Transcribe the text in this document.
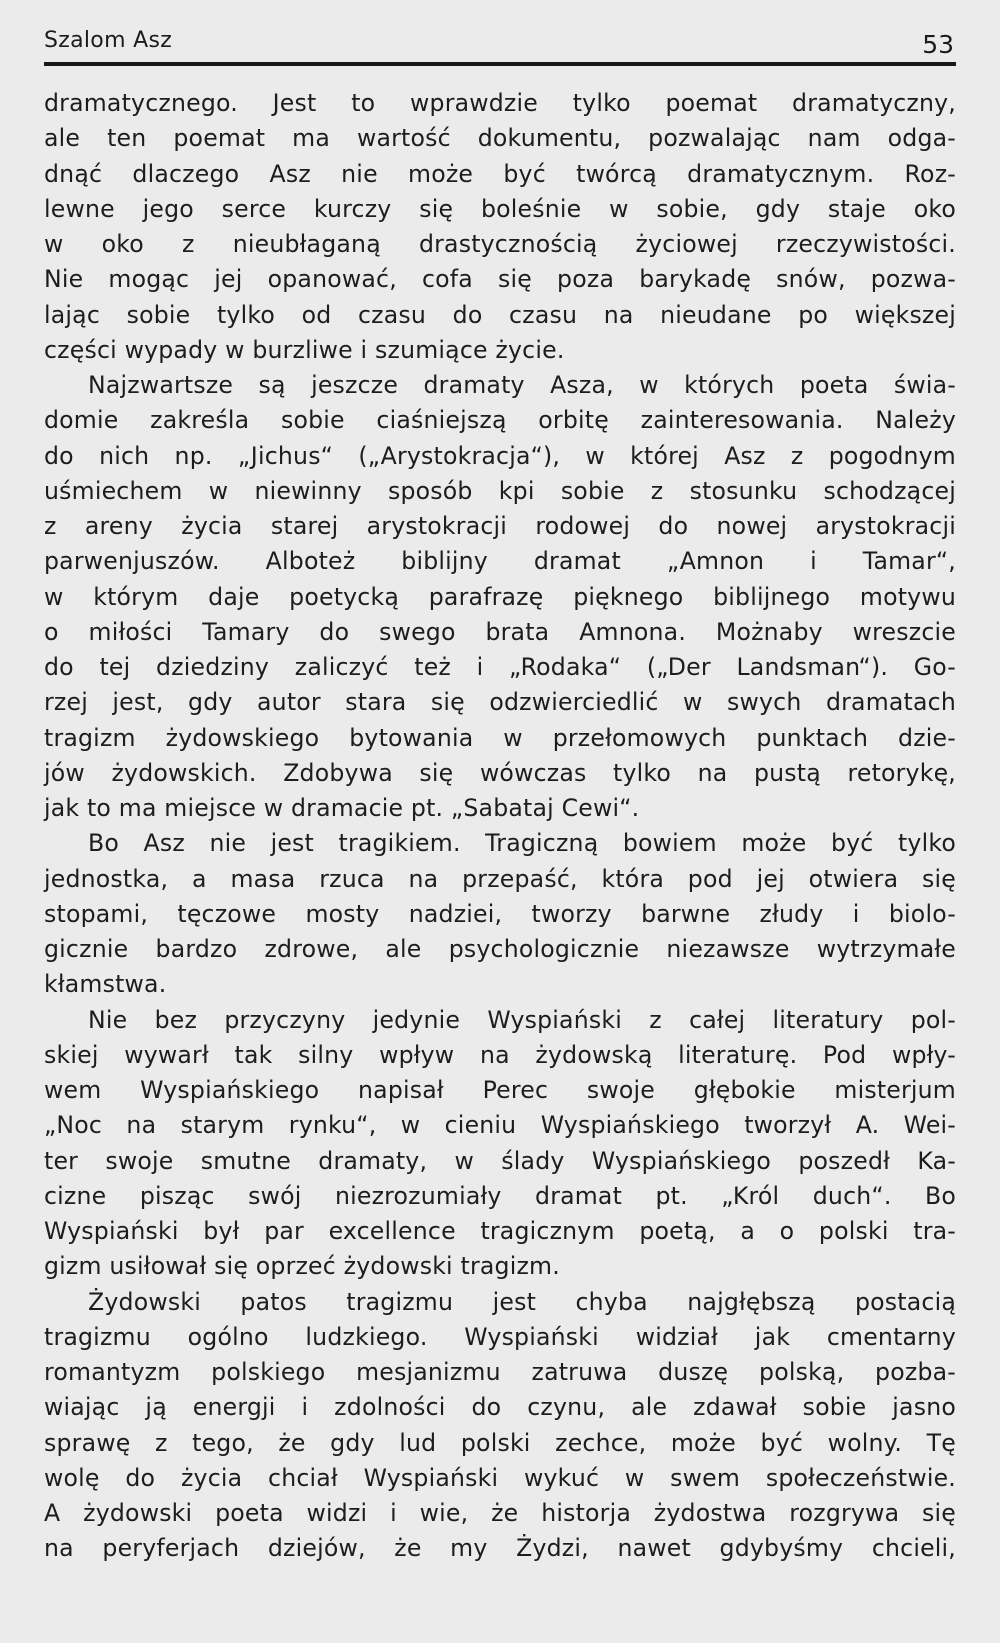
Szalom Asz	53
dramatycznego. Jest to wprawdzie tylko poemat dramatyczny,
ale ten poemat ma wartość dokumentu, pozwalając nam odga-
dnąć dlaczego Asz nie może być twórcą dramatycznym. Roz-
lewne jego serce kurczy się boleśnie w sobie, gdy staje oko
w oko z nieubłaganą drastycznością życiowej rzeczywistości.
Nie mogąc jej opanować, cofa się poza barykadę snów, pozwa-
lając sobie tylko od czasu do czasu na nieudane po większej
części wypady w burzliwe i szumiące życie.
Najzwartsze są jeszcze dramaty Asza, w których poeta świa-
domie zakreśla sobie ciaśniejszą orbitę zainteresowania. Należy
do nich np. „Jichus“ („Arystokracja“), w której Asz z pogodnym
uśmiechem w niewinny sposób kpi sobie z stosunku schodzącej
z areny życia starej arystokracji rodowej do nowej arystokracji
parwenjuszów. Alboteż biblijny dramat „Amnon i Tamar“,
w którym daje poetycką parafrazę pięknego biblijnego motywu
o miłości Tamary do swego brata Amnona. Możnaby wreszcie
do tej dziedziny zaliczyć też i „Rodaka“ („Der Landsman“). Go-
rzej jest, gdy autor stara się odzwierciedlić w swych dramatach
tragizm żydowskiego bytowania w przełomowych punktach dzie-
jów żydowskich. Zdobywa się wówczas tylko na pustą retorykę,
jak to ma miejsce w dramacie pt. „Sabataj Cewi“.
Bo Asz nie jest tragikiem. Tragiczną bowiem może być tylko
jednostka, a masa rzuca na przepaść, która pod jej otwiera się
stopami, tęczowe mosty nadziei, tworzy barwne złudy i biolo-
gicznie bardzo zdrowe, ale psychologicznie niezawsze wytrzymałe
kłamstwa.
Nie bez przyczyny jedynie Wyspiański z całej literatury pol-
skiej wywarł tak silny wpływ na żydowską literaturę. Pod wpły-
wem Wyspiańskiego napisał Perec swoje głębokie misterjum
„Noc na starym rynku“, w cieniu Wyspiańskiego tworzył A. Wei-
ter swoje smutne dramaty, w ślady Wyspiańskiego poszedł Ka-
cizne pisząc swój niezrozumiały dramat pt. „Król duch“. Bo
Wyspiański był par excellence tragicznym poetą, a o polski tra-
gizm usiłował się oprzeć żydowski tragizm.
Żydowski patos tragizmu jest chyba najgłębszą postacią
tragizmu ogólno ludzkiego. Wyspiański widział jak cmentarny
romantyzm polskiego mesjanizmu zatruwa duszę polską, pozba-
wiając ją energji i zdolności do czynu, ale zdawał sobie jasno
sprawę z tego, że gdy lud polski zechce, może być wolny. Tę
wolę do życia chciał Wyspiański wykuć w swem społeczeństwie.
A żydowski poeta widzi i wie, że historja żydostwa rozgrywa się
na peryferjach dziejów, że my Żydzi, nawet gdybyśmy chcieli,
